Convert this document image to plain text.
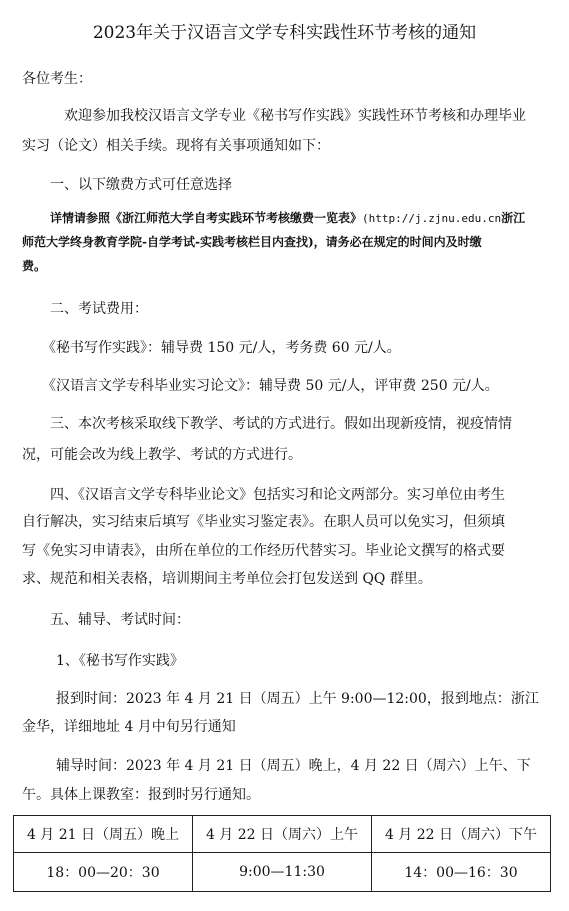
2023年关于汉语言文学专科实践性环节考核的通知
各位考生：
欢迎参加我校汉语言文学专业《秘书写作实践》实践性环节考核和办理毕业
实习（论文）相关手续。现将有关事项通知如下：
一、以下缴费方式可任意选择
详情请参照《浙江师范大学自考实践环节考核缴费一览表》(http://j.zjnu.edu.cn浙江
师范大学终身教育学院-自学考试-实践考核栏目内查找)，请务必在规定的时间内及时缴
费。
二、考试费用：
《秘书写作实践》：辅导费 150 元/人，考务费 60 元/人。
《汉语言文学专科毕业实习论文》：辅导费 50 元/人，评审费 250 元/人。
三、本次考核采取线下教学、考试的方式进行。假如出现新疫情，视疫情情
况，可能会改为线上教学、考试的方式进行。
四、《汉语言文学专科毕业论文》包括实习和论文两部分。实习单位由考生
自行解决，实习结束后填写《毕业实习鉴定表》。在职人员可以免实习，但须填
写《免实习申请表》，由所在单位的工作经历代替实习。毕业论文撰写的格式要
求、规范和相关表格，培训期间主考单位会打包发送到 QQ 群里。
五、辅导、考试时间：
1、《秘书写作实践》
报到时间：2023 年 4 月 21 日（周五）上午 9:00—12:00，报到地点：浙江
金华，详细地址 4 月中旬另行通知
辅导时间：2023 年 4 月 21 日（周五）晚上，4 月 22 日（周六）上午、下
午。具体上课教室：报到时另行通知。
4 月 21 日（周五）晚上	4 月 22 日（周六）上午	4 月 22 日（周六）下午
18：00—20：30	9:00—11:30	14：00—16：30
